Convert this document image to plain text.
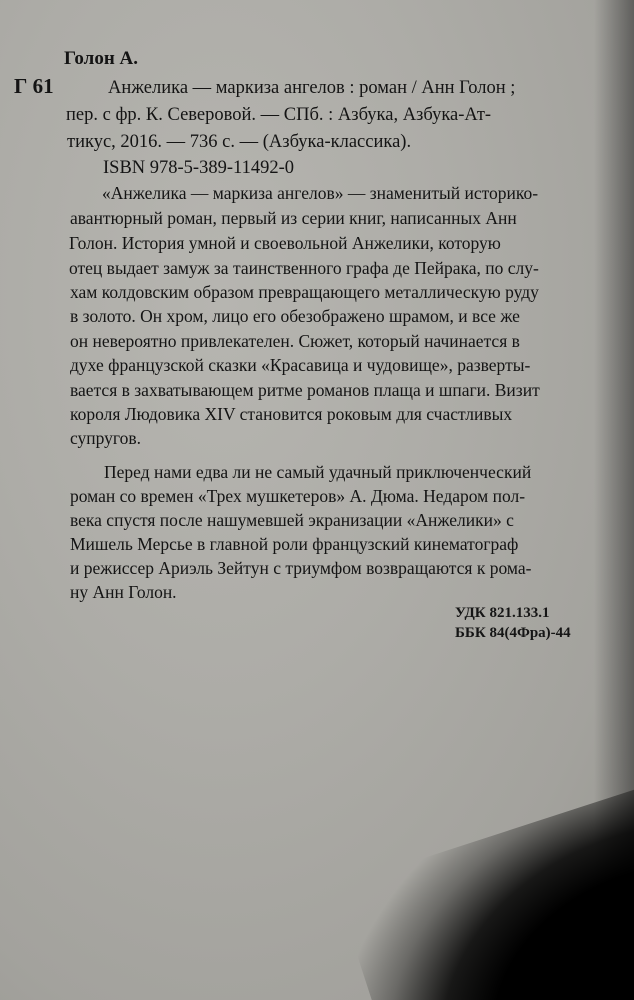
Голон А.
Г 61	Анжелика — маркиза ангелов : роман / Анн Голон ;
пер. с фр. К. Северовой. — СПб. : Азбука, Азбука-Ат-
тикус, 2016. — 736 с. — (Азбука-классика).
ISBN 978-5-389-11492-0
«Анжелика — маркиза ангелов» — знаменитый историко-
авантюрный роман, первый из серии книг, написанных Анн
Голон. История умной и своевольной Анжелики, которую
отец выдает замуж за таинственного графа де Пейрака, по слу-
хам колдовским образом превращающего металлическую руду
в золото. Он хром, лицо его обезображено шрамом, и все же
он невероятно привлекателен. Сюжет, который начинается в
духе французской сказки «Красавица и чудовище», разверты-
вается в захватывающем ритме романов плаща и шпаги. Визит
короля Людовика XIV становится роковым для счастливых
супругов.
Перед нами едва ли не самый удачный приключенческий
роман со времен «Трех мушкетеров» А. Дюма. Недаром пол-
века спустя после нашумевшей экранизации «Анжелики» с
Мишель Мерсье в главной роли французский кинематограф
и режиссер Ариэль Зейтун с триумфом возвращаются к рома-
ну Анн Голон.
УДК 821.133.1
ББК 84(4Фра)-44
